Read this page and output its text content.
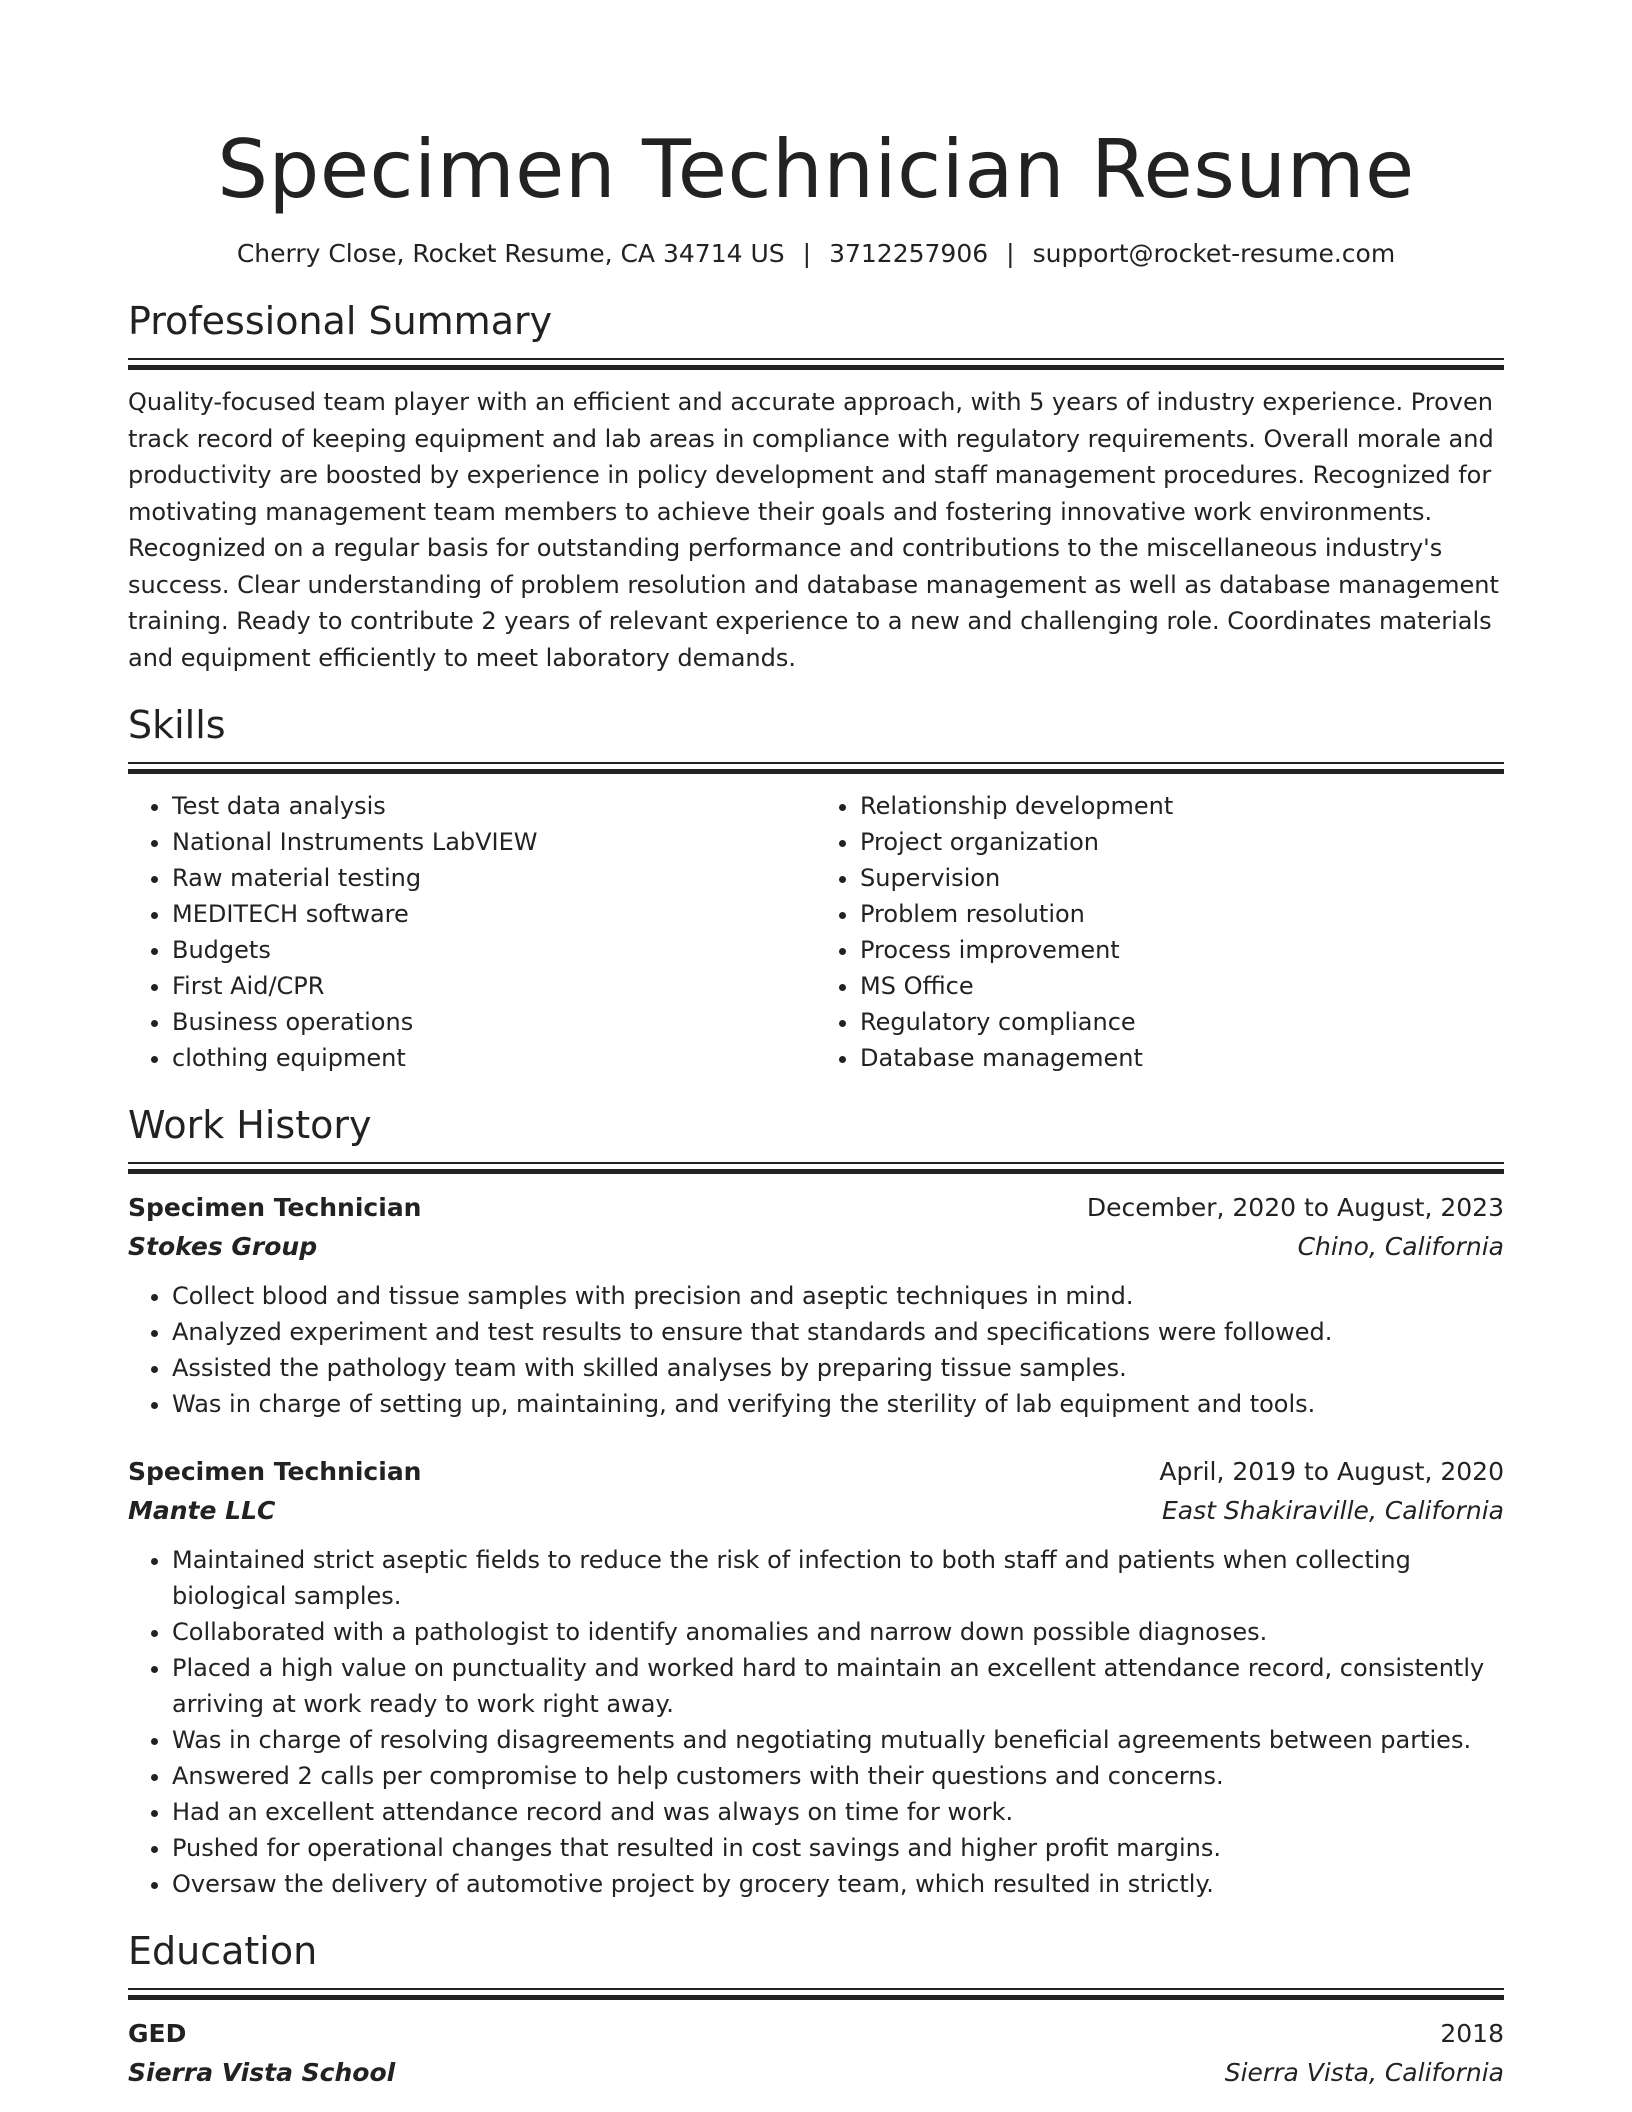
Specimen Technician Resume
Cherry Close, Rocket Resume, CA 34714 US | 3712257906 | support@rocket-resume.com
Professional Summary

Quality-focused team player with an efficient and accurate approach, with 5 years of industry experience. Proven track record of keeping equipment and lab areas in compliance with regulatory requirements. Overall morale and productivity are boosted by experience in policy development and staff management procedures. Recognized for motivating management team members to achieve their goals and fostering innovative work environments. Recognized on a regular basis for outstanding performance and contributions to the miscellaneous industry's success. Clear understanding of problem resolution and database management as well as database management training. Ready to contribute 2 years of relevant experience to a new and challenging role. Coordinates materials and equipment efficiently to meet laboratory demands.

Skills
• Test data analysis
• National Instruments LabVIEW
• Raw material testing
• MEDITECH software
• Budgets
• First Aid/CPR
• Business operations
• clothing equipment
• Relationship development
• Project organization
• Supervision
• Problem resolution
• Process improvement
• MS Office
• Regulatory compliance
• Database management
Work History
Specimen Technician	December, 2020 to August, 2023
Stokes Group	Chino, California
• Collect blood and tissue samples with precision and aseptic techniques in mind.
• Analyzed experiment and test results to ensure that standards and specifications were followed.
• Assisted the pathology team with skilled analyses by preparing tissue samples.
• Was in charge of setting up, maintaining, and verifying the sterility of lab equipment and tools.
Specimen Technician	April, 2019 to August, 2020
Mante LLC	East Shakiraville, California
• Maintained strict aseptic fields to reduce the risk of infection to both staff and patients when collecting biological samples.
• Collaborated with a pathologist to identify anomalies and narrow down possible diagnoses.
• Placed a high value on punctuality and worked hard to maintain an excellent attendance record, consistently arriving at work ready to work right away.
• Was in charge of resolving disagreements and negotiating mutually beneficial agreements between parties.
• Answered 2 calls per compromise to help customers with their questions and concerns.
• Had an excellent attendance record and was always on time for work.
• Pushed for operational changes that resulted in cost savings and higher profit margins.
• Oversaw the delivery of automotive project by grocery team, which resulted in strictly.
Education
GED	2018
Sierra Vista School	Sierra Vista, California
